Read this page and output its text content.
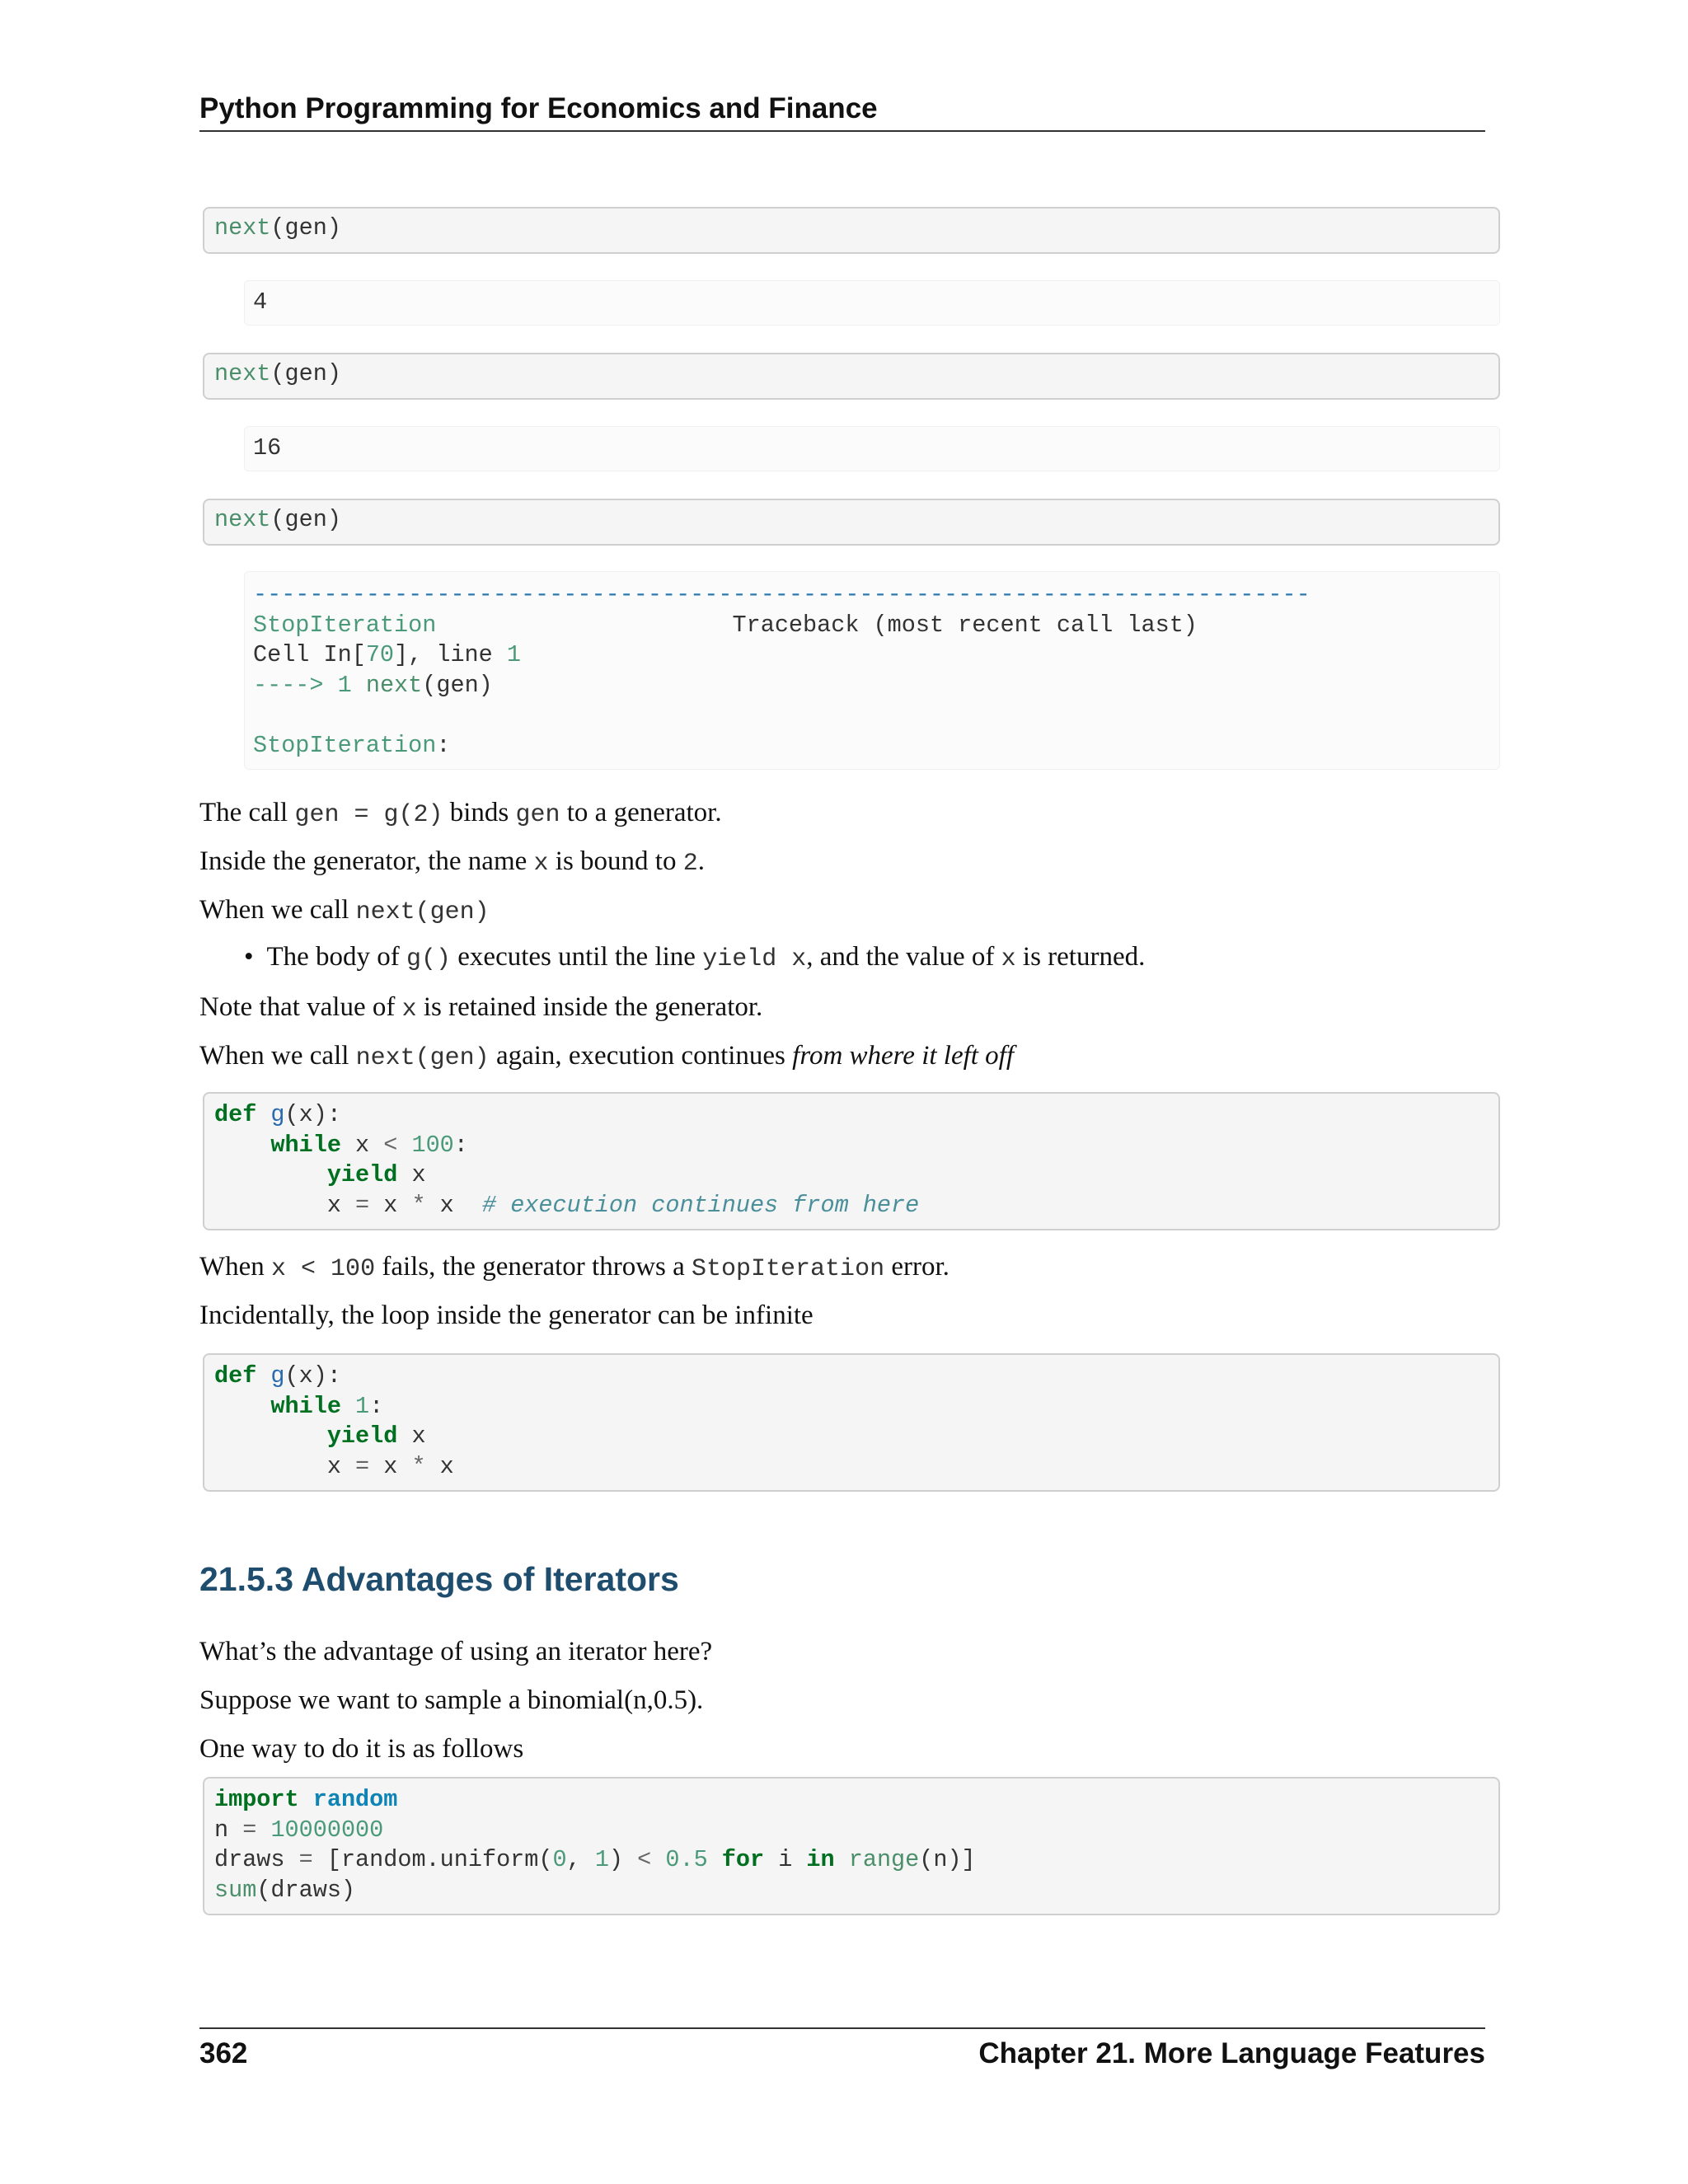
Python Programming for Economics and Finance
next(gen)
4
next(gen)
16
next(gen)
---------------------------------------------------------------------------
StopIteration	Traceback (most recent call last)
Cell In[70], line 1
----> 1 next(gen)

StopIteration:

The call gen = g(2) binds gen to a generator.

Inside the generator, the name x is bound to 2.

When we call next(gen)

• The body of g() executes until the line yield x, and the value of x is returned.

Note that value of x is retained inside the generator.

When we call next(gen) again, execution continues from where it left off

def g(x):
while x < 100:
yield x
x = x * x  # execution continues from here

When x < 100 fails, the generator throws a StopIteration error.

Incidentally, the loop inside the generator can be infinite

def g(x):
while 1:
yield x
x = x * x
21.5.3 Advantages of Iterators

What’s the advantage of using an iterator here?

Suppose we want to sample a binomial(n,0.5).

One way to do it is as follows

import random
n = 10000000
draws = [random.uniform(0, 1) < 0.5 for i in range(n)]
sum(draws)
362	Chapter 21. More Language Features
